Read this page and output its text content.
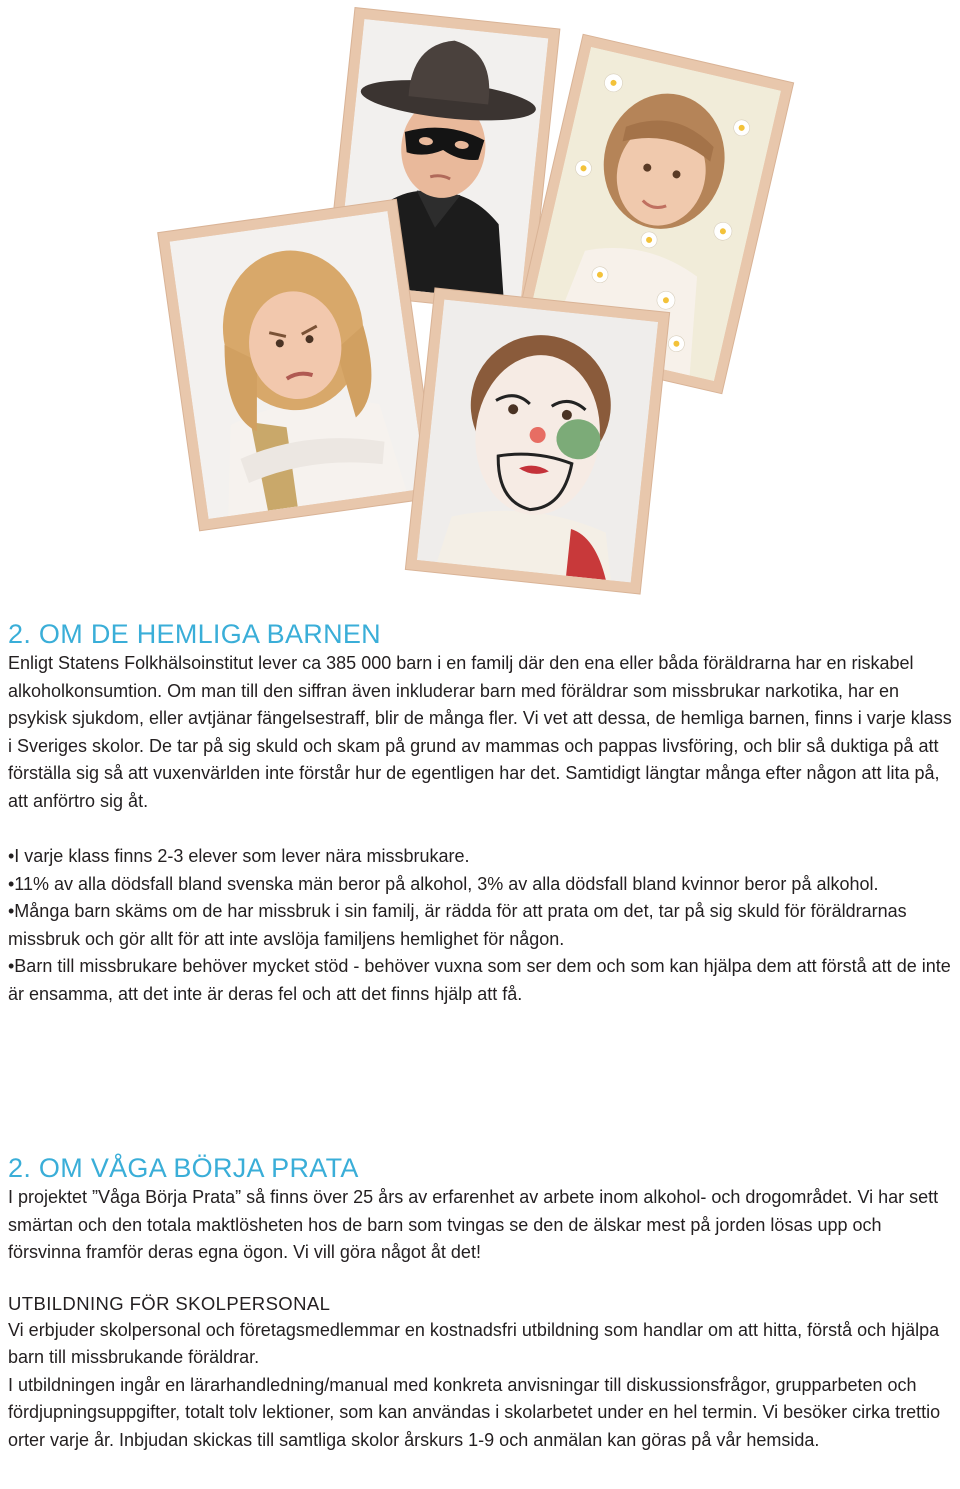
2. OM DE HEMLIGA BARNEN

Enligt Statens Folkhälsoinstitut lever ca 385 000 barn i en familj där den ena eller båda föräldrarna har en riskabel alkoholkonsumtion. Om man till den siffran även inkluderar barn med föräldrar som missbrukar narkotika, har en psykisk sjukdom, eller avtjänar fängelsestraff, blir de många fler. Vi vet att dessa, de hemliga barnen, finns i varje klass i Sveriges skolor. De tar på sig skuld och skam på grund av mammas och pappas livsföring, och blir så duktiga på att förställa sig så att vuxenvärlden inte förstår hur de egentligen har det. Samtidigt längtar många efter någon att lita på, att anförtro sig åt.

•I varje klass finns 2-3 elever som lever nära missbrukare.

•11% av alla dödsfall bland svenska män beror på alkohol, 3% av alla dödsfall bland kvinnor beror på alkohol.

•Många barn skäms om de har missbruk i sin familj, är rädda för att prata om det, tar på sig skuld för föräldrarnas missbruk och gör allt för att inte avslöja familjens hemlighet för någon.

•Barn till missbrukare behöver mycket stöd - behöver vuxna som ser dem och som kan hjälpa dem att förstå att de inte är ensamma, att det inte är deras fel och att det finns hjälp att få.

2. OM VÅGA BÖRJA PRATA

I projektet ”Våga Börja Prata” så finns över 25 års av erfarenhet av arbete inom alkohol- och drogområdet. Vi har sett smärtan och den totala maktlösheten hos de barn som tvingas se den de älskar mest på jorden lösas upp och försvinna framför deras egna ögon. Vi vill göra något åt det!

UTBILDNING FÖR SKOLPERSONAL

Vi erbjuder skolpersonal och företagsmedlemmar en kostnadsfri utbildning som handlar om att hitta, förstå och hjälpa barn till missbrukande föräldrar.

I utbildningen ingår en lärarhandledning/manual med konkreta anvisningar till diskussionsfrågor, grupparbeten och fördjupningsuppgifter, totalt tolv lektioner, som kan användas i skolarbetet under en hel termin. Vi besöker cirka trettio orter varje år. Inbjudan skickas till samtliga skolor årskurs 1-9 och anmälan kan göras på vår hemsida.
